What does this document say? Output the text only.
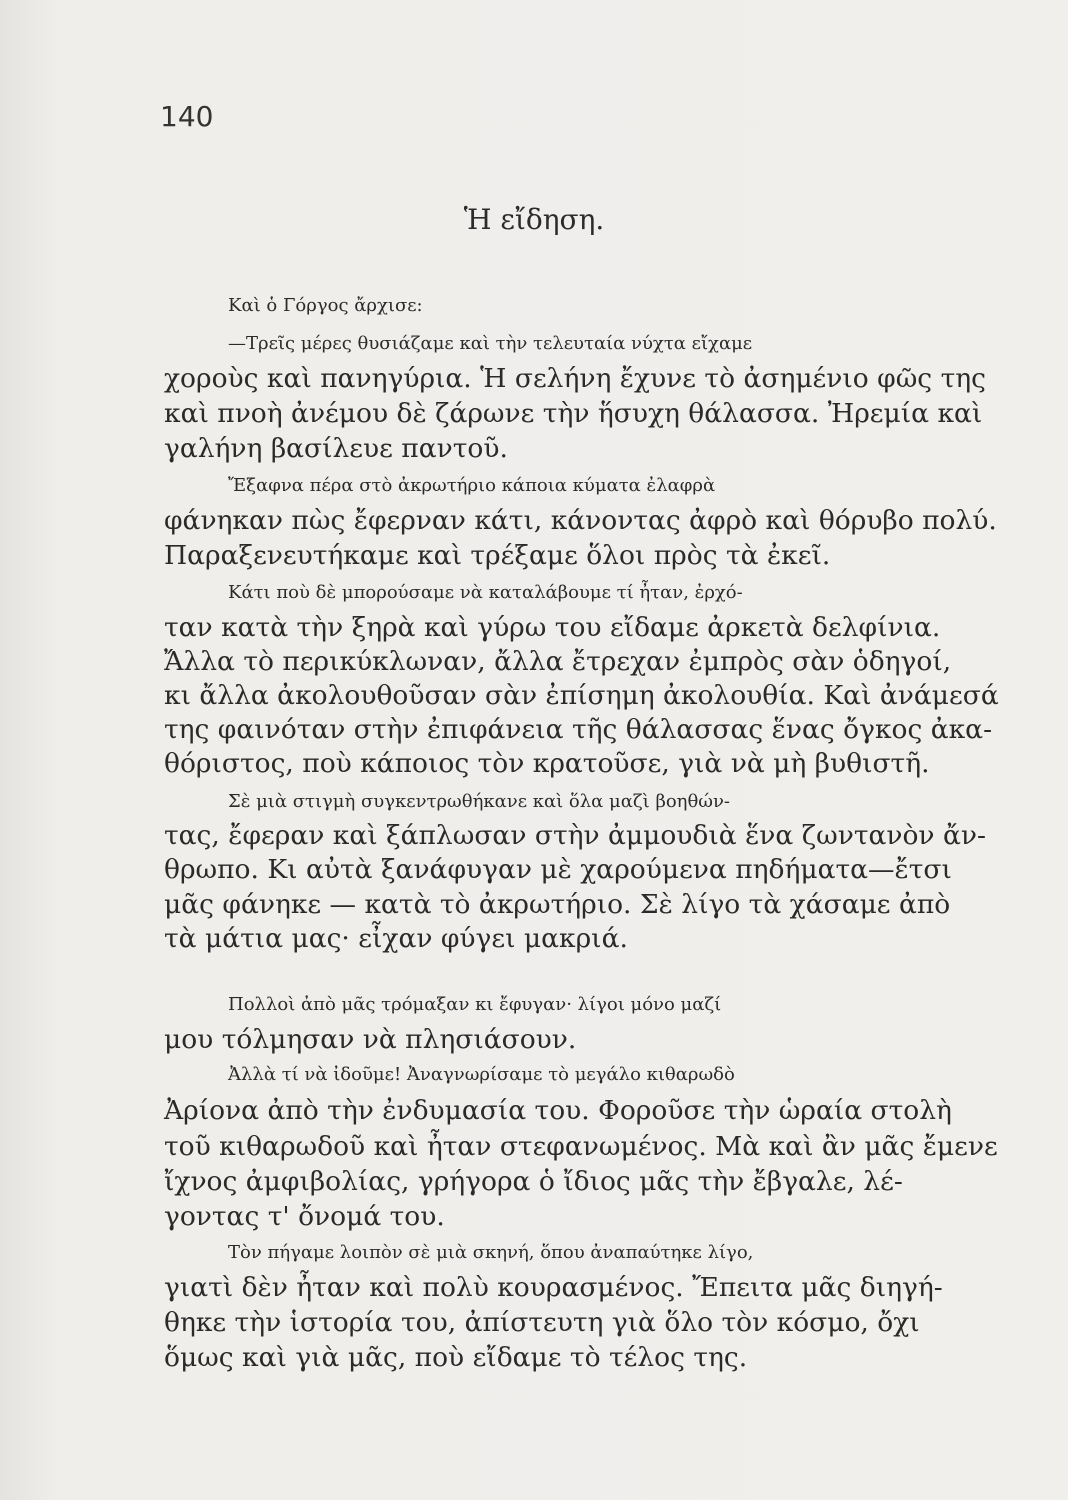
140
Ἡ εἴδηση.
Καὶ ὁ Γόργος ἄρχισε:
—Τρεῖς μέρες θυσιάζαμε καὶ τὴν τελευταία νύχτα εἴχαμε
χοροὺς καὶ πανηγύρια. Ἡ σελήνη ἔχυνε τὸ ἀσημένιο φῶς της
καὶ πνοὴ ἀνέμου δὲ ζάρωνε τὴν ἥσυχη θάλασσα. Ἠρεμία καὶ
γαλήνη βασίλευε παντοῦ.
Ἔξαφνα πέρα στὸ ἀκρωτήριο κάποια κύματα ἐλαφρὰ
φάνηκαν πὼς ἔφερναν κάτι, κάνοντας ἀφρὸ καὶ θόρυβο πολύ.
Παραξενευτήκαμε καὶ τρέξαμε ὅλοι πρὸς τὰ ἐκεῖ.
Κάτι ποὺ δὲ μπορούσαμε νὰ καταλάβουμε τί ἦταν, ἐρχό-
ταν κατὰ τὴν ξηρὰ καὶ γύρω του εἴδαμε ἀρκετὰ δελφίνια.
Ἄλλα τὸ περικύκλωναν, ἄλλα ἔτρεχαν ἐμπρὸς σὰν ὁδηγοί,
κι ἄλλα ἀκολουθοῦσαν σὰν ἐπίσημη ἀκολουθία. Καὶ ἀνάμεσά
της φαινόταν στὴν ἐπιφάνεια τῆς θάλασσας ἕνας ὄγκος ἀκα-
θόριστος, ποὺ κάποιος τὸν κρατοῦσε, γιὰ νὰ μὴ βυθιστῆ.
Σὲ μιὰ στιγμὴ συγκεντρωθήκανε καὶ ὅλα μαζὶ βοηθών-
τας, ἔφεραν καὶ ξάπλωσαν στὴν ἀμμουδιὰ ἕνα ζωντανὸν ἄν-
θρωπο. Κι αὐτὰ ξανάφυγαν μὲ χαρούμενα πηδήματα—ἔτσι
μᾶς φάνηκε — κατὰ τὸ ἀκρωτήριο. Σὲ λίγο τὰ χάσαμε ἀπὸ
τὰ μάτια μας· εἶχαν φύγει μακριά.
Πολλοὶ ἀπὸ μᾶς τρόμαξαν κι ἔφυγαν· λίγοι μόνο μαζί
μου τόλμησαν νὰ πλησιάσουν.
Ἀλλὰ τί νὰ ἰδοῦμε! Ἀναγνωρίσαμε τὸ μεγάλο κιθαρωδὸ
Ἀρίονα ἀπὸ τὴν ἐνδυμασία του. Φοροῦσε τὴν ὡραία στολὴ
τοῦ κιθαρωδοῦ καὶ ἦταν στεφανωμένος. Μὰ καὶ ἂν μᾶς ἔμενε
ἴχνος ἀμφιβολίας, γρήγορα ὁ ἴδιος μᾶς τὴν ἔβγαλε, λέ-
γοντας τ' ὄνομά του.
Τὸν πήγαμε λοιπὸν σὲ μιὰ σκηνή, ὅπου ἀναπαύτηκε λίγο,
γιατὶ δὲν ἦταν καὶ πολὺ κουρασμένος. Ἔπειτα μᾶς διηγή-
θηκε τὴν ἱστορία του, ἀπίστευτη γιὰ ὅλο τὸν κόσμο, ὄχι
ὅμως καὶ γιὰ μᾶς, ποὺ εἴδαμε τὸ τέλος της.
